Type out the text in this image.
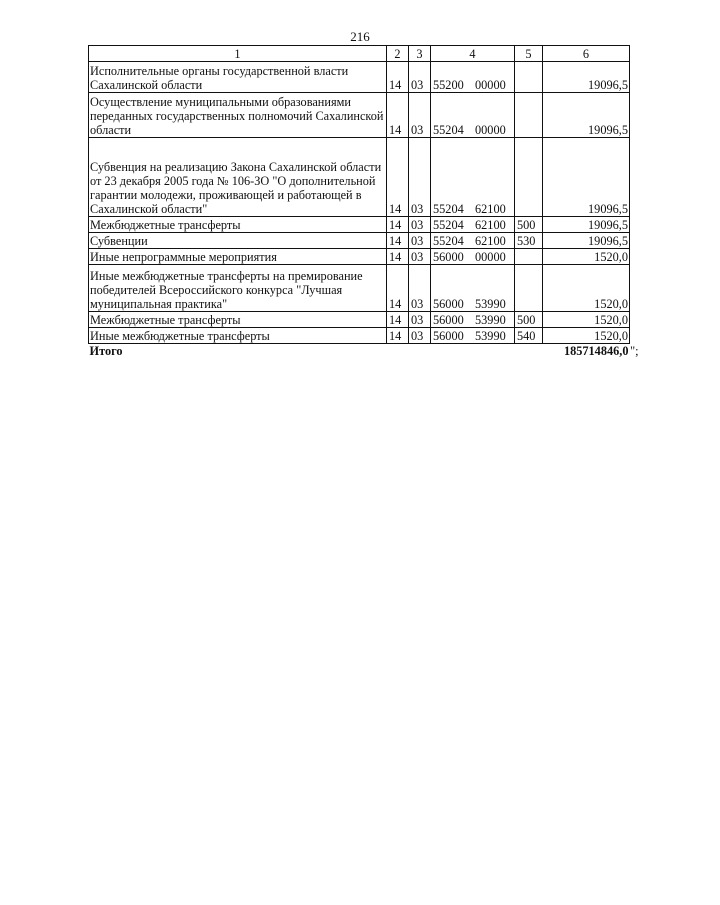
216
1	2	3	4	5	6
Исполнительные органы государственной власти Сахалинской области	14	03	55200 00000		19096,5
Осуществление муниципальными образованиями переданных государственных полномочий Сахалинской области	14	03	55204 00000		19096,5
Субвенция на реализацию Закона Сахалинской области от 23 декабря 2005 года № 106-ЗО "О дополнительной гарантии молодежи, проживающей и работающей в Сахалинской области"	14	03	55204 62100		19096,5
Межбюджетные трансферты	14	03	55204 62100	500	19096,5
Субвенции	14	03	55204 62100	530	19096,5
Иные непрограммные мероприятия	14	03	56000 00000		1520,0
Иные межбюджетные трансферты на премирование победителей Всероссийского конкурса "Лучшая муниципальная практика"	14	03	56000 53990		1520,0
Межбюджетные трансферты	14	03	56000 53990	500	1520,0
Иные межбюджетные трансферты	14	03	56000 53990	540	1520,0
Итого					185714846,0 ";
